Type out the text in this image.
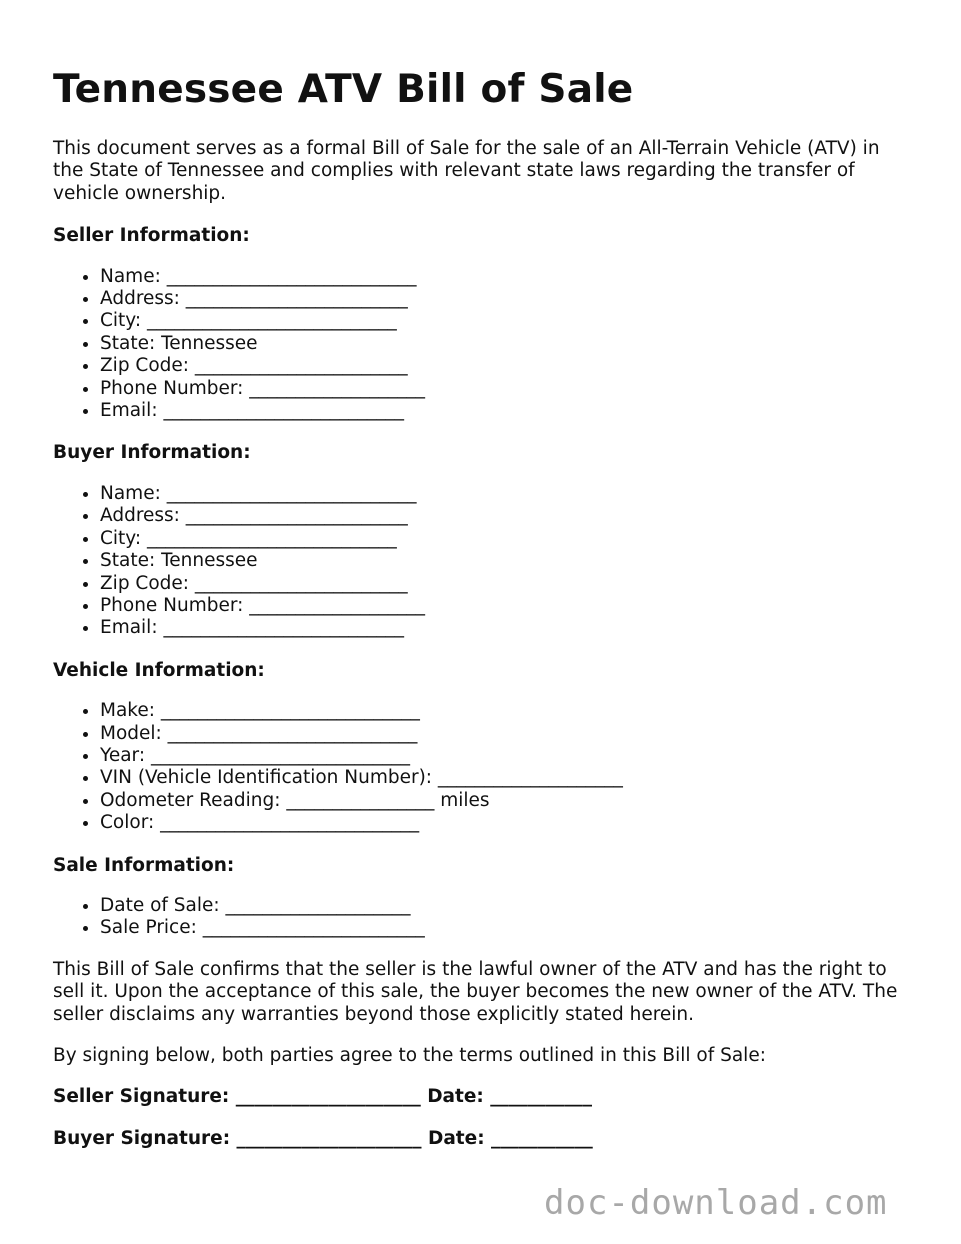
Tennessee ATV Bill of Sale

This document serves as a formal Bill of Sale for the sale of an All-Terrain Vehicle (ATV) in the State of Tennessee and complies with relevant state laws regarding the transfer of vehicle ownership.

Seller Information:

• Name: ___________________________
• Address: ________________________
• City: ___________________________
• State: Tennessee
• Zip Code: _______________________
• Phone Number: ___________________
• Email: __________________________

Buyer Information:

• Name: ___________________________
• Address: ________________________
• City: ___________________________
• State: Tennessee
• Zip Code: _______________________
• Phone Number: ___________________
• Email: __________________________

Vehicle Information:

• Make: ____________________________
• Model: ___________________________
• Year: ____________________________
• VIN (Vehicle Identification Number): ____________________
• Odometer Reading: ________________ miles
• Color: ____________________________

Sale Information:

• Date of Sale: ____________________
• Sale Price: ________________________

This Bill of Sale confirms that the seller is the lawful owner of the ATV and has the right to sell it. Upon the acceptance of this sale, the buyer becomes the new owner of the ATV. The seller disclaims any warranties beyond those explicitly stated herein.

By signing below, both parties agree to the terms outlined in this Bill of Sale:

Seller Signature: ____________________ Date: ___________

Buyer Signature: ____________________ Date: ___________

doc-download.com
